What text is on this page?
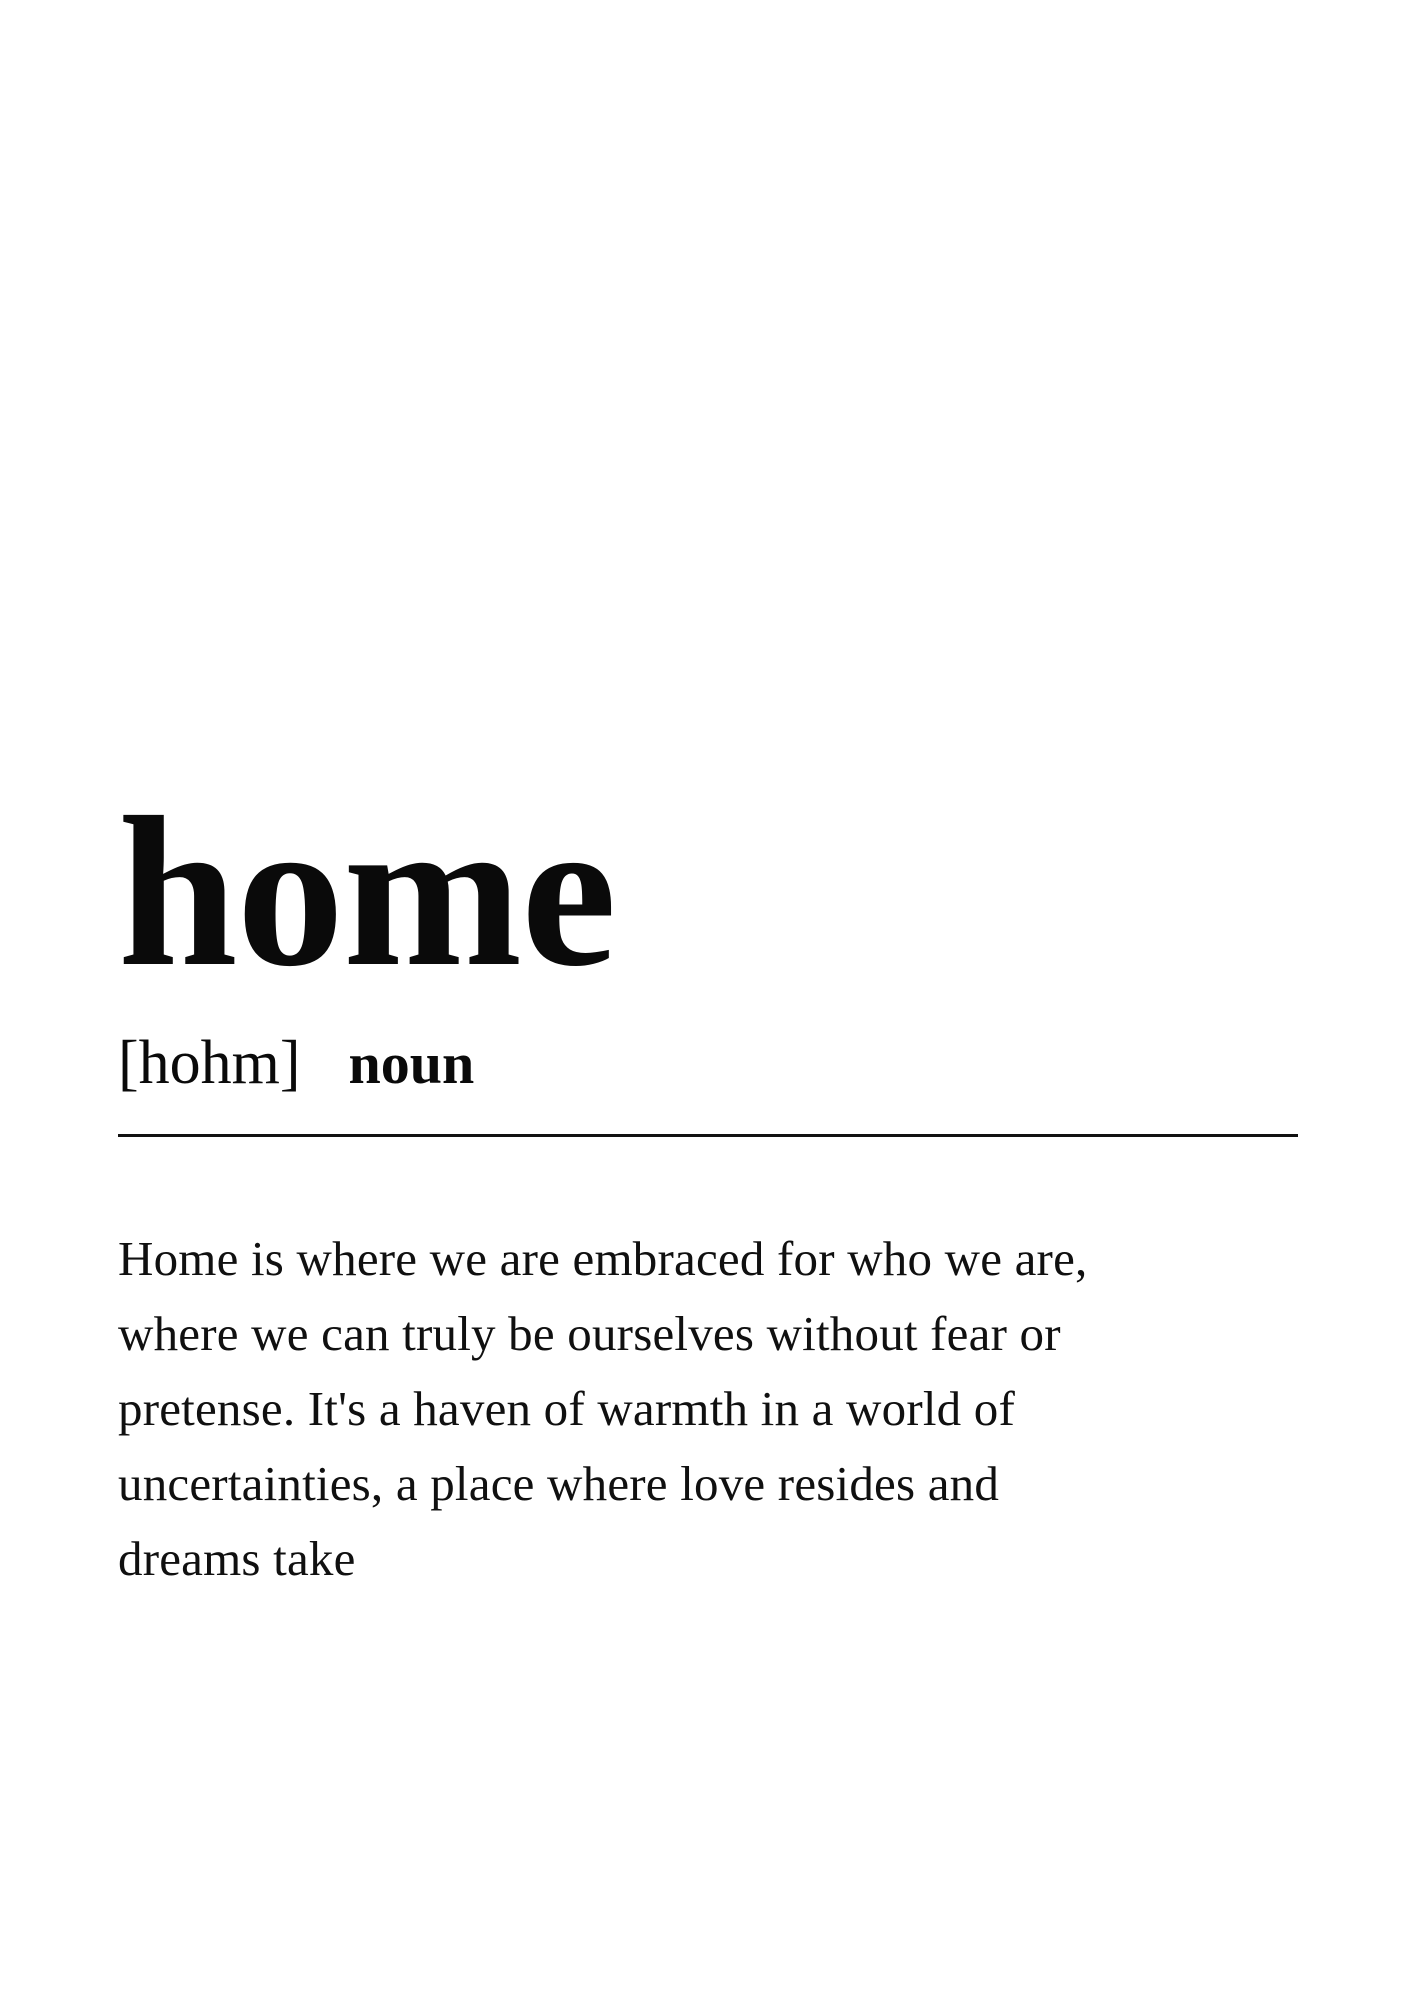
home
[hohm] noun
Home is where we are embraced for who we are, where we can truly be ourselves without fear or pretense. It's a haven of warmth in a world of uncertainties, a place where love resides and dreams take
